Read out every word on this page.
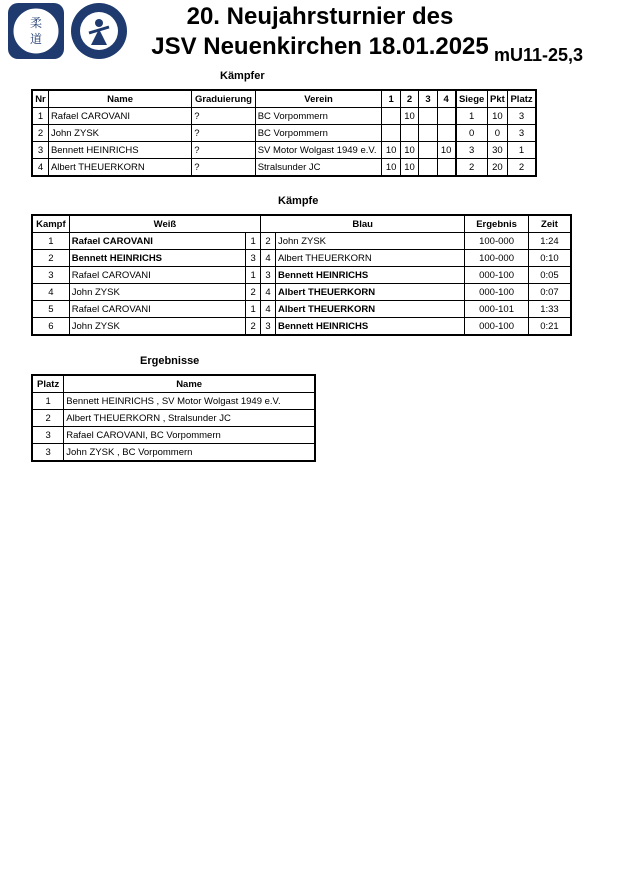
柔
道
20. Neujahrsturnier des
JSV Neuenkirchen 18.01.2025 mU11-25,3
Kämpfer
Nr	Name	Graduierung	Verein	1	2	3	4	Siege	Pkt	Platz
1	Rafael CAROVANI	?	BC Vorpommern		10			1	10	3
2	John ZYSK	?	BC Vorpommern					0	0	3
3	Bennett HEINRICHS	?	SV Motor Wolgast 1949 e.V.	10	10		10	3	30	1
4	Albert THEUERKORN	?	Stralsunder JC	10	10			2	20	2
Kämpfe
Kampf	Weiß		Blau		Ergebnis	Zeit
1	Rafael CAROVANI	1	2	John ZYSK	100-000	1:24
2	Bennett HEINRICHS	3	4	Albert THEUERKORN	100-000	0:10
3	Rafael CAROVANI	1	3	Bennett HEINRICHS	000-100	0:05
4	John ZYSK	2	4	Albert THEUERKORN	000-100	0:07
5	Rafael CAROVANI	1	4	Albert THEUERKORN	000-101	1:33
6	John ZYSK	2	3	Bennett HEINRICHS	000-100	0:21
Ergebnisse
Platz	Name
1	Bennett HEINRICHS , SV Motor Wolgast 1949 e.V.
2	Albert THEUERKORN , Stralsunder JC
3	Rafael CAROVANI, BC Vorpommern
3	John ZYSK , BC Vorpommern
